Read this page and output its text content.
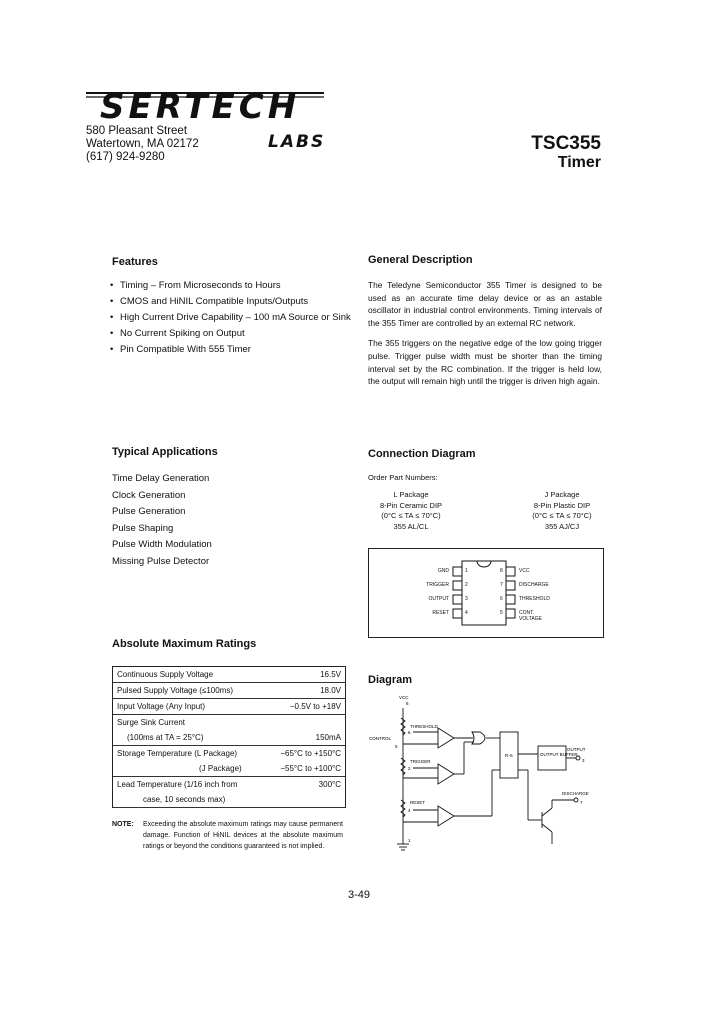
SERTECH
LABS
580 Pleasant Street
Watertown, MA 02172
(617) 924-9280
TSC355
Timer
Features
• Timing – From Microseconds to Hours
• CMOS and HiNIL Compatible Inputs/Outputs
• High Current Drive Capability – 100 mA Source or Sink
• No Current Spiking on Output
• Pin Compatible With 555 Timer
General Description

The Teledyne Semiconductor 355 Timer is designed to be used as an accurate time delay device or as an astable oscillator in industrial control environments. Timing intervals of the 355 Timer are controlled by an external RC network.

The 355 triggers on the negative edge of the low going trigger pulse. Trigger pulse width must be shorter than the timing interval set by the RC combination. If the trigger is held low, the output will remain high until the trigger is driven high again.

Typical Applications
Time Delay Generation
Clock Generation
Pulse Generation
Pulse Shaping
Pulse Width Modulation
Missing Pulse Detector
Connection Diagram
Order Part Numbers:
L Package
8-Pin Ceramic DIP
(0°C ≤ TA ≤ 70°C)
355 AL/CL
J Package
8-Pin Plastic DIP
(0°C ≤ TA ≤ 70°C)
355 AJ/CJ
GND
TRIGGER
OUTPUT
RESET
1
2
3
4
8
7
6
5
VCC
DISCHARGE
THRESHOLD
CONT. VOLTAGE
Absolute Maximum Ratings
Continuous Supply Voltage	16.5V
Pulsed Supply Voltage (≤100ms)	18.0V
Input Voltage (Any Input)	−0.5V to +18V
Surge Sink Current	
(100ms at TA = 25°C)	150mA
Storage Temperature (L Package)	−65°C to +150°C
(J Package)	−55°C to +100°C
Lead Temperature (1/16 inch from	300°C
case, 10 seconds max)	
NOTE: Exceeding the absolute maximum ratings may cause permanent damage. Function of HiNIL devices at the absolute maximum ratings or beyond the conditions guaranteed is not implied.
Diagram
VCC
8
CONTROL
5
THRESHOLD
6
TRIGGER
2
RESET
4
R-S	OUTPUT BUFFER
OUTPUT
3
DISCHARGE
7
1
3-49
